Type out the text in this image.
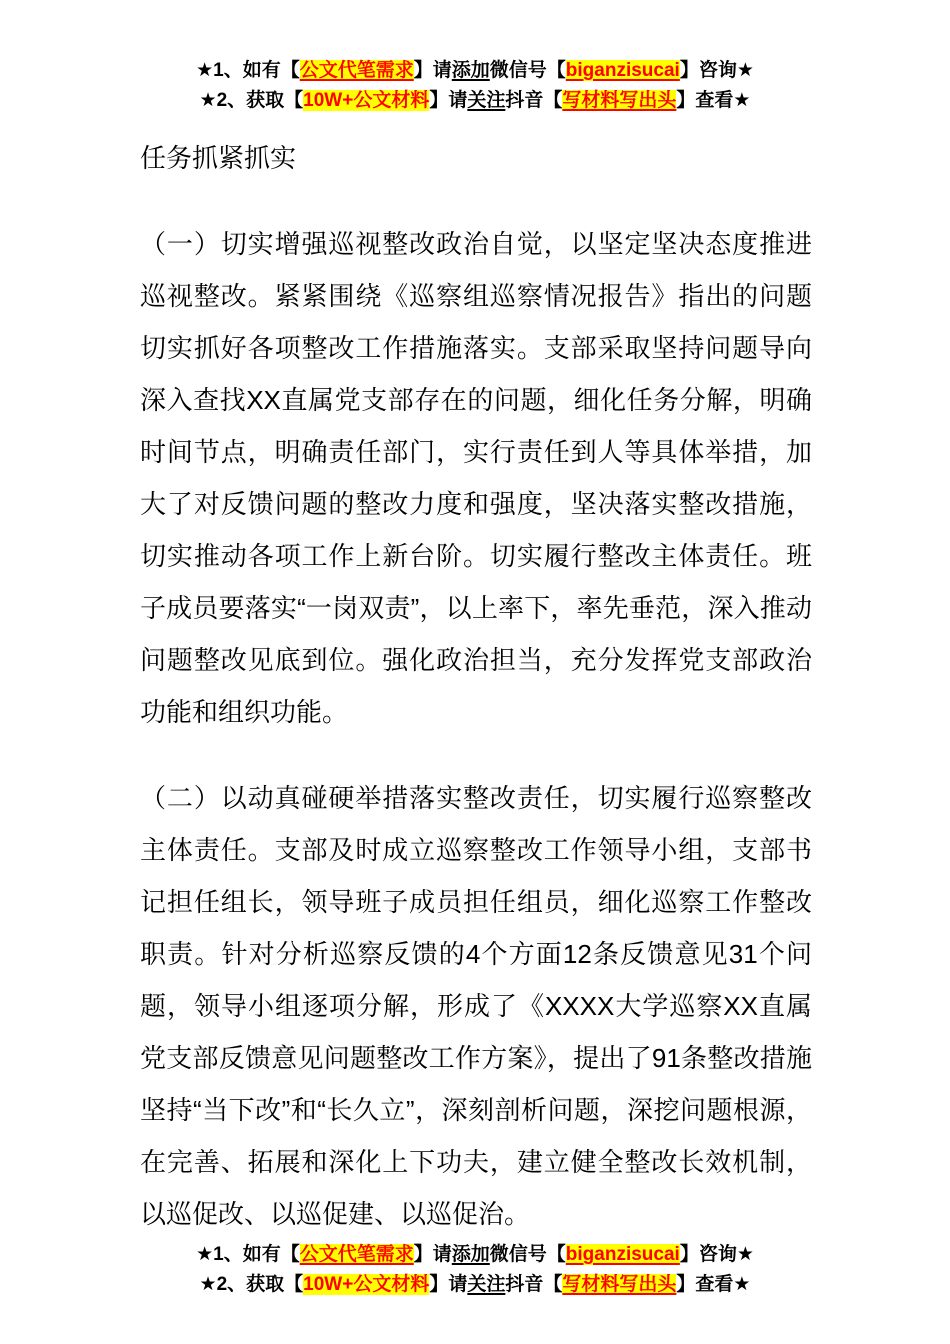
★1、如有【公文代笔需求】请添加微信号【biganzisucai】咨询★
★2、获取【10W+公文材料】请关注抖音【写材料写出头】查看★
任务抓紧抓实
（一）切实增强巡视整改政治自觉，以坚定坚决态度推进巡视整改。紧紧围绕《巡察组巡察情况报告》指出的问题切实抓好各项整改工作措施落实。支部采取坚持问题导向深入查找XX直属党支部存在的问题，细化任务分解，明确时间节点，明确责任部门，实行责任到人等具体举措，加大了对反馈问题的整改力度和强度，坚决落实整改措施，切实推动各项工作上新台阶。切实履行整改主体责任。班子成员要落实“一岗双责”，以上率下，率先垂范，深入推动问题整改见底到位。强化政治担当，充分发挥党支部政治功能和组织功能。
（二）以动真碰硬举措落实整改责任，切实履行巡察整改主体责任。支部及时成立巡察整改工作领导小组，支部书记担任组长，领导班子成员担任组员，细化巡察工作整改职责。针对分析巡察反馈的4个方面12条反馈意见31个问题，领导小组逐项分解，形成了《XXXX大学巡察XX直属党支部反馈意见问题整改工作方案》，提出了91条整改措施坚持“当下改”和“长久立”，深刻剖析问题，深挖问题根源，在完善、拓展和深化上下功夫，建立健全整改长效机制，以巡促改、以巡促建、以巡促治。
★1、如有【公文代笔需求】请添加微信号【biganzisucai】咨询★
★2、获取【10W+公文材料】请关注抖音【写材料写出头】查看★
